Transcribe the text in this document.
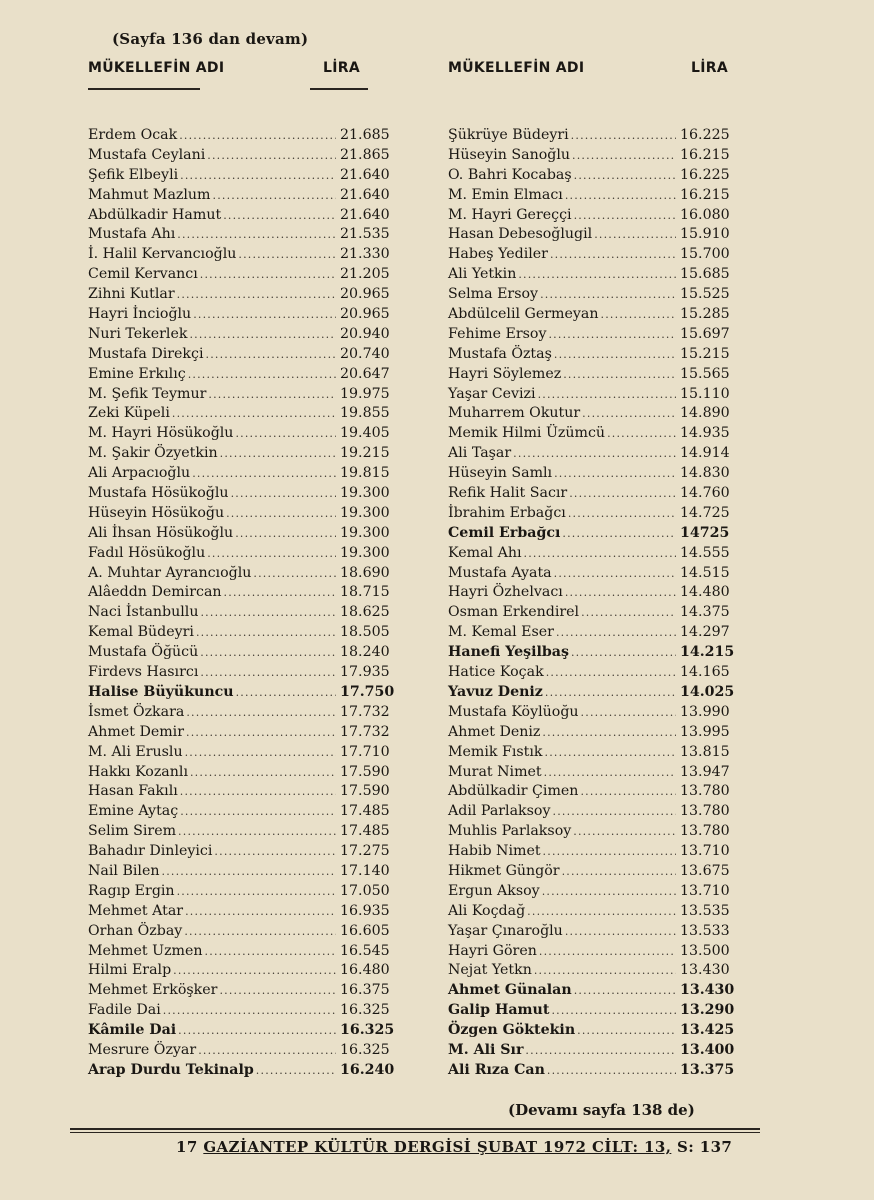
(Sayfa 136 dan devam)
MÜKELLEFİN ADI	LİRA
Erdem Ocak .....	21.685
Mustafa Ceylani .....	21.865
Şefik Elbeyli .....	21.640
Mahmut Mazlum .....	21.640
Abdülkadir Hamut .....	21.640
Mustafa Ahı .....	21.535
İ. Halil Kervancıoğlu .....	21.330
Cemil Kervancı .....	21.205
Zihni Kutlar .....	20.965
Hayri İncioğlu .....	20.965
Nuri Tekerlek .....	20.940
Mustafa Direkçi .....	20.740
Emine Erkılıç .....	20.647
M. Şefik Teymur .....	19.975
Zeki Küpeli .....	19.855
M. Hayri Hösükoğlu .....	19.405
M. Şakir Özyetkin .....	19.215
Ali Arpacıoğlu .....	19.815
Mustafa Hösükoğlu .....	19.300
Hüseyin Hösükoğu .....	19.300
Ali İhsan Hösükoğlu .....	19.300
Fadıl Hösükoğlu .....	19.300
A. Muhtar Ayrancıoğlu .....	18.690
Alâeddn Demircan .....	18.715
Naci İstanbullu .....	18.625
Kemal Büdeyri .....	18.505
Mustafa Öğücü .....	18.240
Firdevs Hasırcı .....	17.935
Halise Büyükuncu .....	17.750
İsmet Özkara .....	17.732
Ahmet Demir .....	17.732
M. Ali Eruslu .....	17.710
Hakkı Kozanlı .....	17.590
Hasan Fakılı .....	17.590
Emine Aytaç .....	17.485
Selim Sirem .....	17.485
Bahadır Dinleyici .....	17.275
Nail Bilen .....	17.140
Ragıp Ergin .....	17.050
Mehmet Atar .....	16.935
Orhan Özbay .....	16.605
Mehmet Uzmen .....	16.545
Hilmi Eralp .....	16.480
Mehmet Erköşker .....	16.375
Fadile Dai .....	16.325
Kâmile Dai .....	16.325
Mesrure Özyar .....	16.325
Arap Durdu Tekinalp .....	16.240
MÜKELLEFİN ADI	LİRA
Şükrüye Büdeyri .....	16.225
Hüseyin Sanoğlu .....	16.215
O. Bahri Kocabaş .....	16.225
M. Emin Elmacı .....	16.215
M. Hayri Gereççi .....	16.080
Hasan Debesoğlugil .....	15.910
Habeş Yediler .....	15.700
Ali Yetkin .....	15.685
Selma Ersoy .....	15.525
Abdülcelil Germeyan .....	15.285
Fehime Ersoy .....	15.697
Mustafa Öztaş .....	15.215
Hayri Söylemez .....	15.565
Yaşar Cevizi .....	15.110
Muharrem Okutur .....	14.890
Memik Hilmi Üzümcü .....	14.935
Ali Taşar .....	14.914
Hüseyin Samlı .....	14.830
Refik Halit Sacır .....	14.760
İbrahim Erbağcı .....	14.725
Cemil Erbağcı .....	14725
Kemal Ahı .....	14.555
Mustafa Ayata .....	14.515
Hayri Özhelvacı .....	14.480
Osman Erkendirel .....	14.375
M. Kemal Eser .....	14.297
Hanefi Yeşilbaş .....	14.215
Hatice Koçak .....	14.165
Yavuz Deniz .....	14.025
Mustafa Köylüoğu .....	13.990
Ahmet Deniz .....	13.995
Memik Fıstık .....	13.815
Murat Nimet .....	13.947
Abdülkadir Çimen .....	13.780
Adil Parlaksoy .....	13.780
Muhlis Parlaksoy .....	13.780
Habib Nimet .....	13.710
Hikmet Güngör .....	13.675
Ergun Aksoy .....	13.710
Ali Koçdağ .....	13.535
Yaşar Çınaroğlu .....	13.533
Hayri Gören .....	13.500
Nejat Yetkn .....	13.430
Ahmet Günalan .....	13.430
Galip Hamut .....	13.290
Özgen Göktekin .....	13.425
M. Ali Sır .....	13.400
Ali Rıza Can .....	13.375
(Devamı sayfa 138 de)
17 GAZİANTEP KÜLTÜR DERGİSİ ŞUBAT 1972 CİLT: 13, S: 137
